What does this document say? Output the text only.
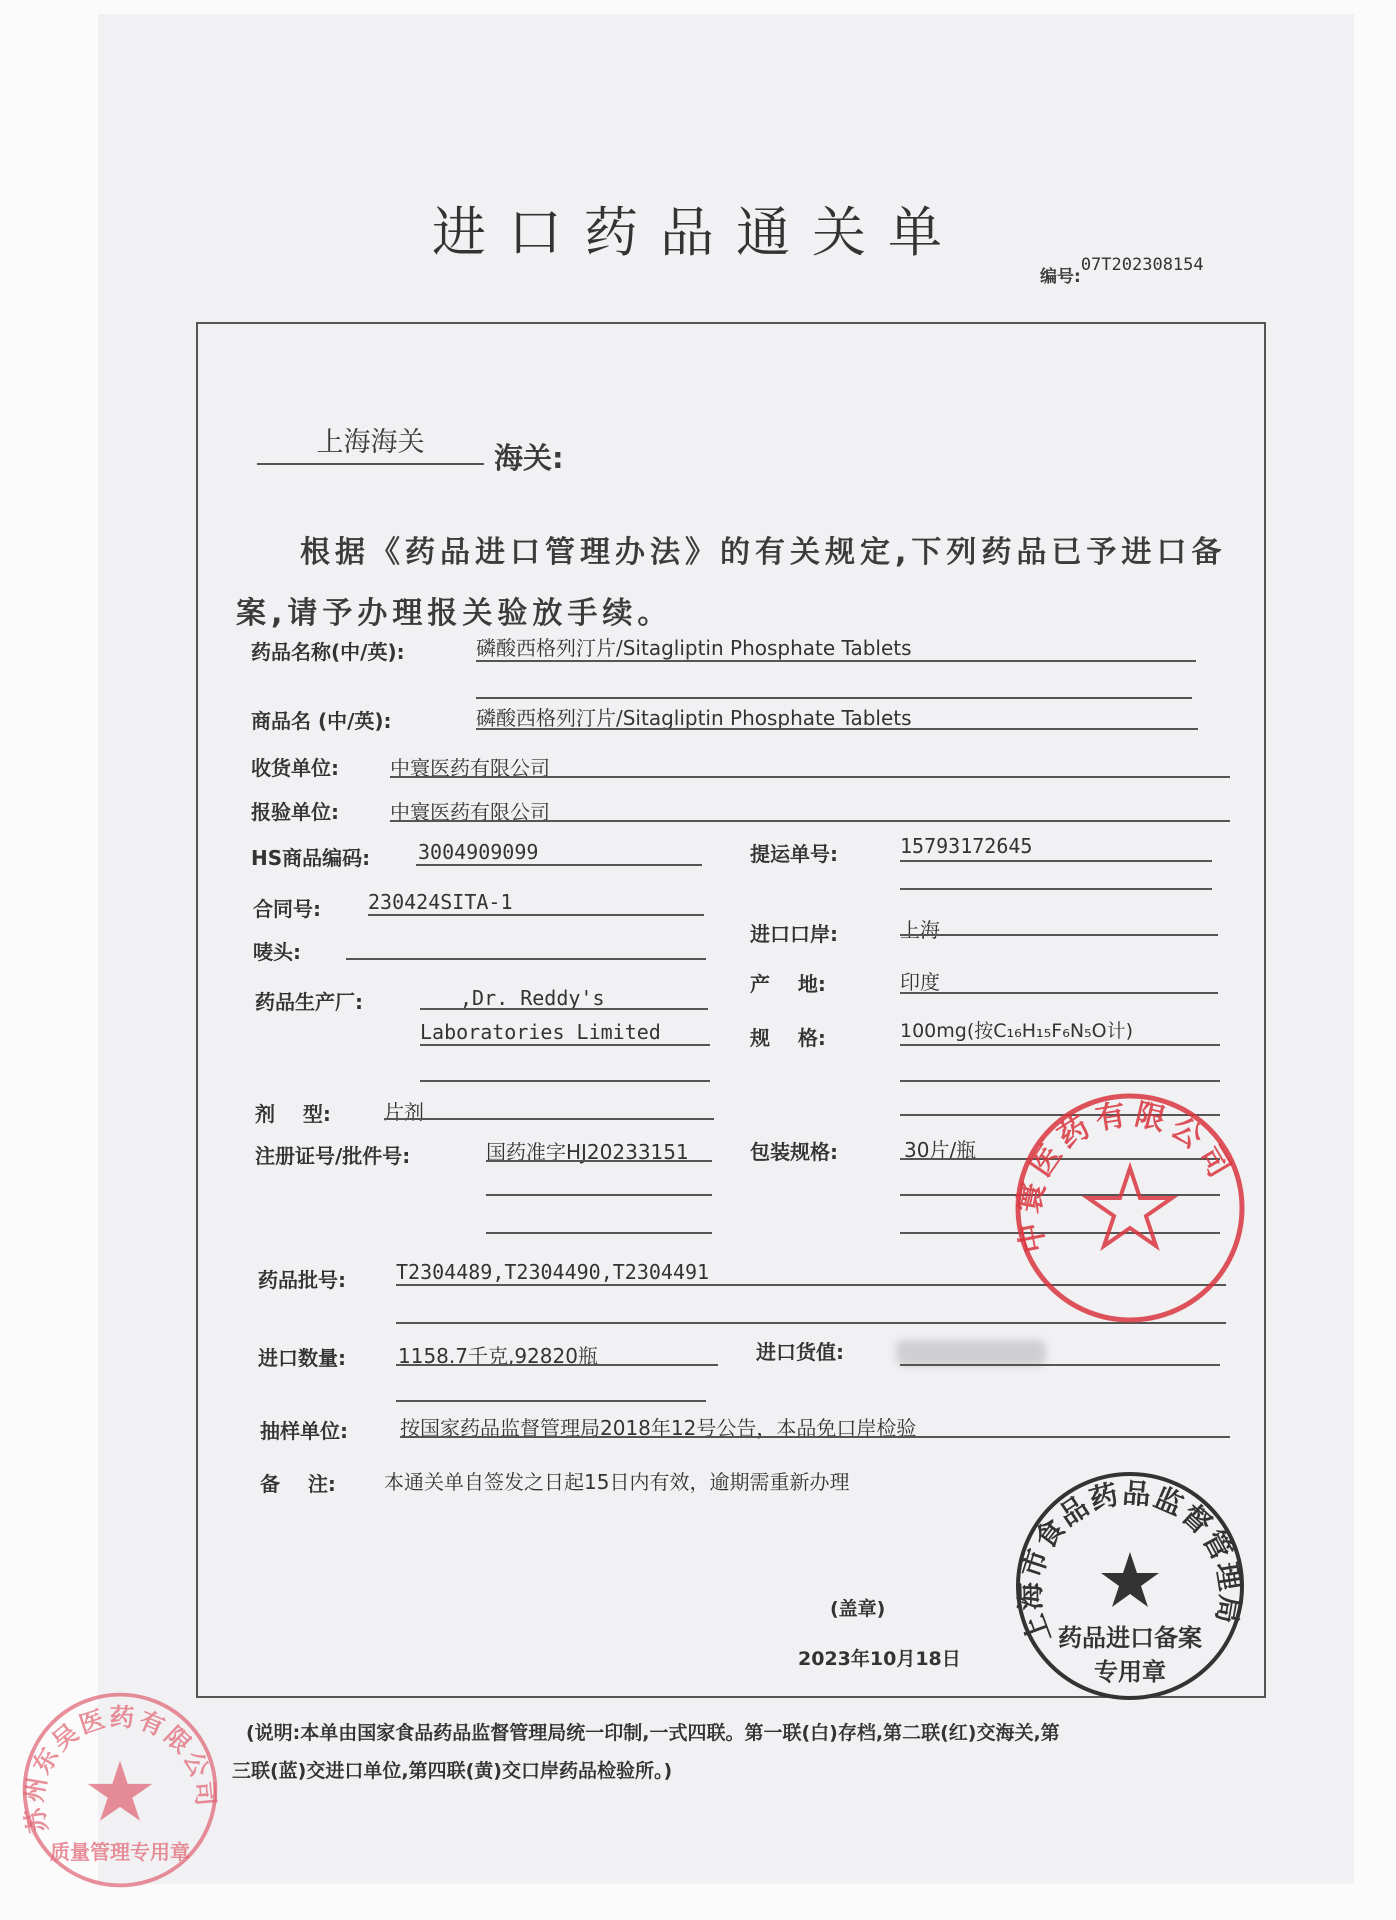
进口药品通关单
编号:07T202308154
上海海关	海关:
根据《药品进口管理办法》的有关规定,下列药品已予进口备
案,请予办理报关验放手续。
药品名称(中/英):	磷酸西格列汀片/Sitagliptin Phosphate Tablets
商品名 (中/英):	磷酸西格列汀片/Sitagliptin Phosphate Tablets
收货单位:	中寰医药有限公司
报验单位:	中寰医药有限公司
HS商品编码: 3004909099	提运单号:	15793172645
合同号: 230424SITA-1
进口口岸:	上海
唛头:
药品生产厂:	,Dr. Reddy's
Laboratories Limited
产    地:	印度
规    格:	100mg(按C₁₆H₁₅F₆N₅O计)
剂    型:	片剂
注册证号/批件号:	国药准字HJ20233151	包装规格:	30片/瓶
药品批号:	T2304489,T2304490,T2304491
进口数量:	1158.7千克,92820瓶	进口货值:
抽样单位:	按国家药品监督管理局2018年12号公告，本品免口岸检验
备    注: 本通关单自签发之日起15日内有效，逾期需重新办理
(盖章)
2023年10月18日
(说明:本单由国家食品药品监督管理局统一印制,一式四联。第一联(白)存档,第二联(红)交海关,第
三联(蓝)交进口单位,第四联(黄)交口岸药品检验所。)
中寰医药有限公司
上海市食品药品监督管理局
药品进口备案
专用章
苏州东吴医药有限公司
质量管理专用章
